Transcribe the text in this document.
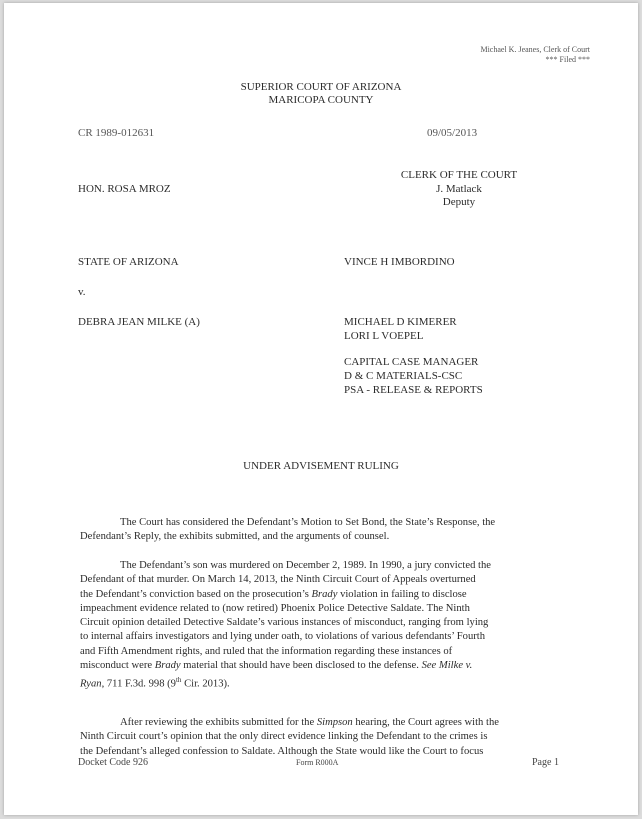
Michael K. Jeanes, Clerk of Court
*** Filed ***
SUPERIOR COURT OF ARIZONA
MARICOPA COUNTY
CR 1989-012631	09/05/2013
HON. ROSA MROZ
CLERK OF THE COURT
J. Matlack
Deputy
STATE OF ARIZONA	VINCE H IMBORDINO
v.
DEBRA JEAN MILKE (A)	MICHAEL D KIMERER
LORI L VOEPEL
CAPITAL CASE MANAGER
D & C MATERIALS-CSC
PSA - RELEASE & REPORTS
UNDER ADVISEMENT RULING
The Court has considered the Defendant’s Motion to Set Bond, the State’s Response, the
Defendant’s Reply, the exhibits submitted, and the arguments of counsel.
The Defendant’s son was murdered on December 2, 1989. In 1990, a jury convicted the
Defendant of that murder. On March 14, 2013, the Ninth Circuit Court of Appeals overturned
the Defendant’s conviction based on the prosecution’s Brady violation in failing to disclose
impeachment evidence related to (now retired) Phoenix Police Detective Saldate. The Ninth
Circuit opinion detailed Detective Saldate’s various instances of misconduct, ranging from lying
to internal affairs investigators and lying under oath, to violations of various defendants’ Fourth
and Fifth Amendment rights, and ruled that the information regarding these instances of
misconduct were Brady material that should have been disclosed to the defense. See Milke v.
Ryan, 711 F.3d. 998 (9th Cir. 2013).
After reviewing the exhibits submitted for the Simpson hearing, the Court agrees with the
Ninth Circuit court’s opinion that the only direct evidence linking the Defendant to the crimes is
the Defendant’s alleged confession to Saldate. Although the State would like the Court to focus
Docket Code 926	Form R000A	Page 1
